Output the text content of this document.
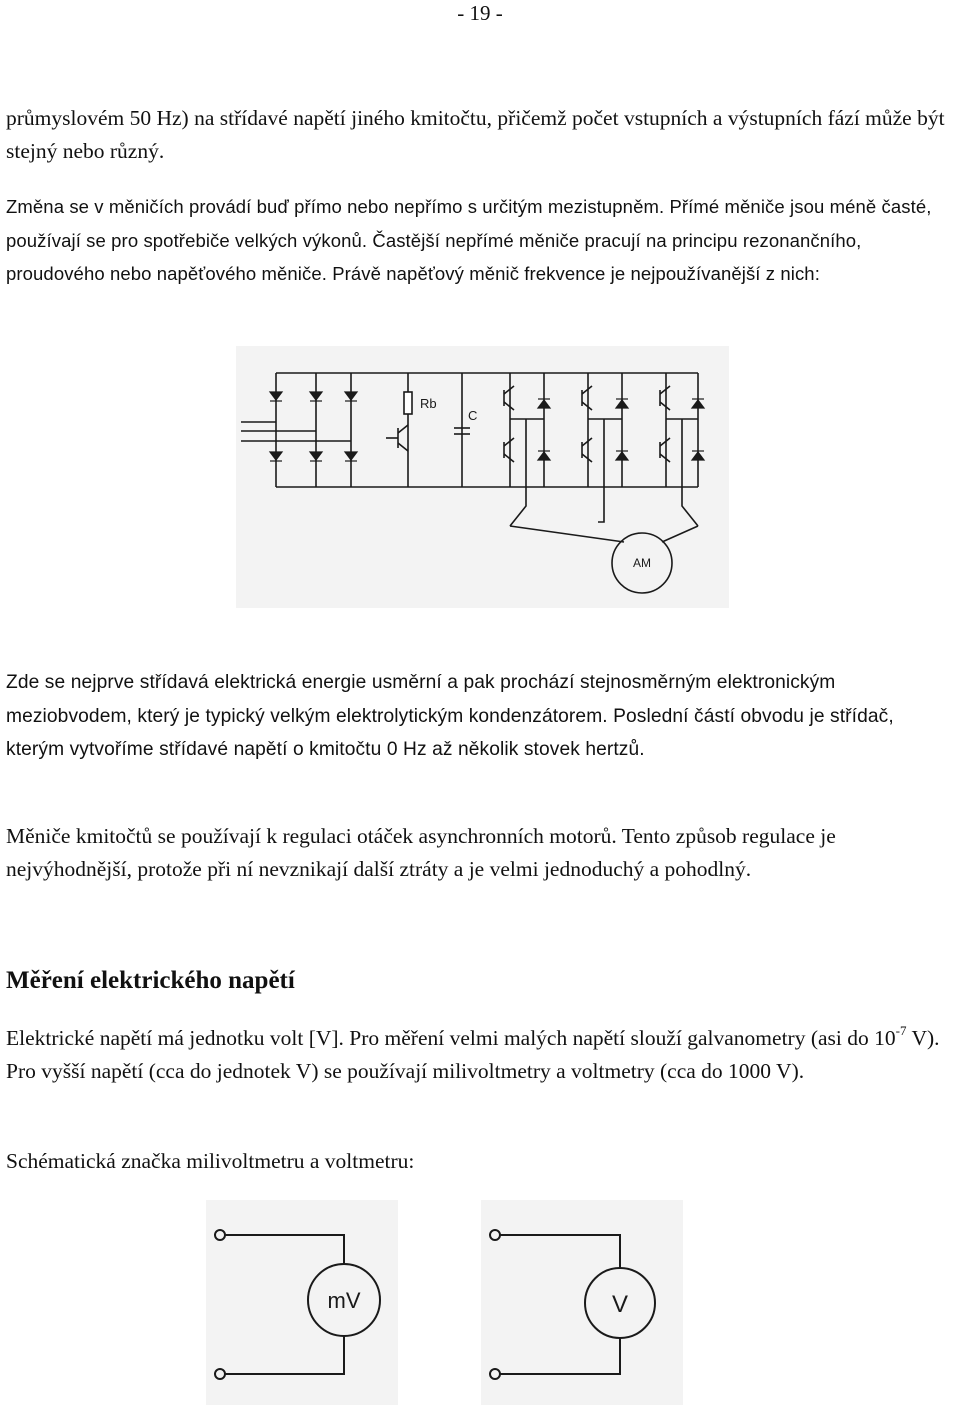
- 19 -

průmyslovém 50 Hz) na střídavé napětí jiného kmitočtu, přičemž počet vstupních a výstupních fází může být stejný nebo různý.

Změna se v měničích provádí buď přímo nebo nepřímo s určitým mezistupněm. Přímé měniče jsou méně časté, používají se pro spotřebiče velkých výkonů. Častější nepřímé měniče pracují na principu rezonančního, proudového nebo napěťového měniče. Právě napěťový měnič frekvence je nejpoužívanější z nich:

Rb
C
AM

Zde se nejprve střídavá elektrická energie usměrní a pak prochází stejnosměrným elektronickým meziobvodem, který je typický velkým elektrolytickým kondenzátorem. Poslední částí obvodu je střídač, kterým vytvoříme střídavé napětí o kmitočtu 0 Hz až několik stovek hertzů.

Měniče kmitočtů se používají k regulaci otáček asynchronních motorů. Tento způsob regulace je nejvýhodnější, protože při ní nevznikají další ztráty a je velmi jednoduchý a pohodlný.

Měření elektrického napětí

Elektrické napětí má jednotku volt [V]. Pro měření velmi malých napětí slouží galvanometry (asi do $10^{-7}$ V). Pro vyšší napětí (cca do jednotek V) se používají milivoltmetry a voltmetry (cca do 1000 V).

Schématická značka milivoltmetru a voltmetru:

mV	V
